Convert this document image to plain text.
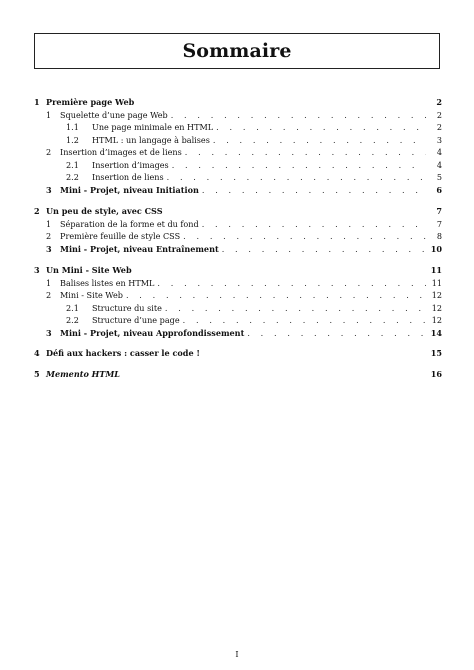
Sommaire
1 Première page Web	2
1	Squelette d’une page Web . . .	2
1.1	Une page minimale en HTML . . .	2
1.2	HTML : un langage à balises . . .	3
2	Insertion d’images et de liens . . .	4
2.1	Insertion d’images . . .	4
2.2	Insertion de liens . . .	5
3	Mini - Projet, niveau Initiation . . .	6
2 Un peu de style, avec CSS	7
1	Séparation de la forme et du fond . . .	7
2	Première feuille de style CSS . . .	8
3	Mini - Projet, niveau Entraînement . . .	10
3 Un Mini - Site Web	11
1	Balises listes en HTML . . .	11
2	Mini - Site Web . . .	12
2.1	Structure du site . . .	12
2.2	Structure d’une page . . .	12
3	Mini - Projet, niveau Approfondissement . . .	14
4 Défi aux hackers : casser le code !	15
5 Memento HTML	16
I
